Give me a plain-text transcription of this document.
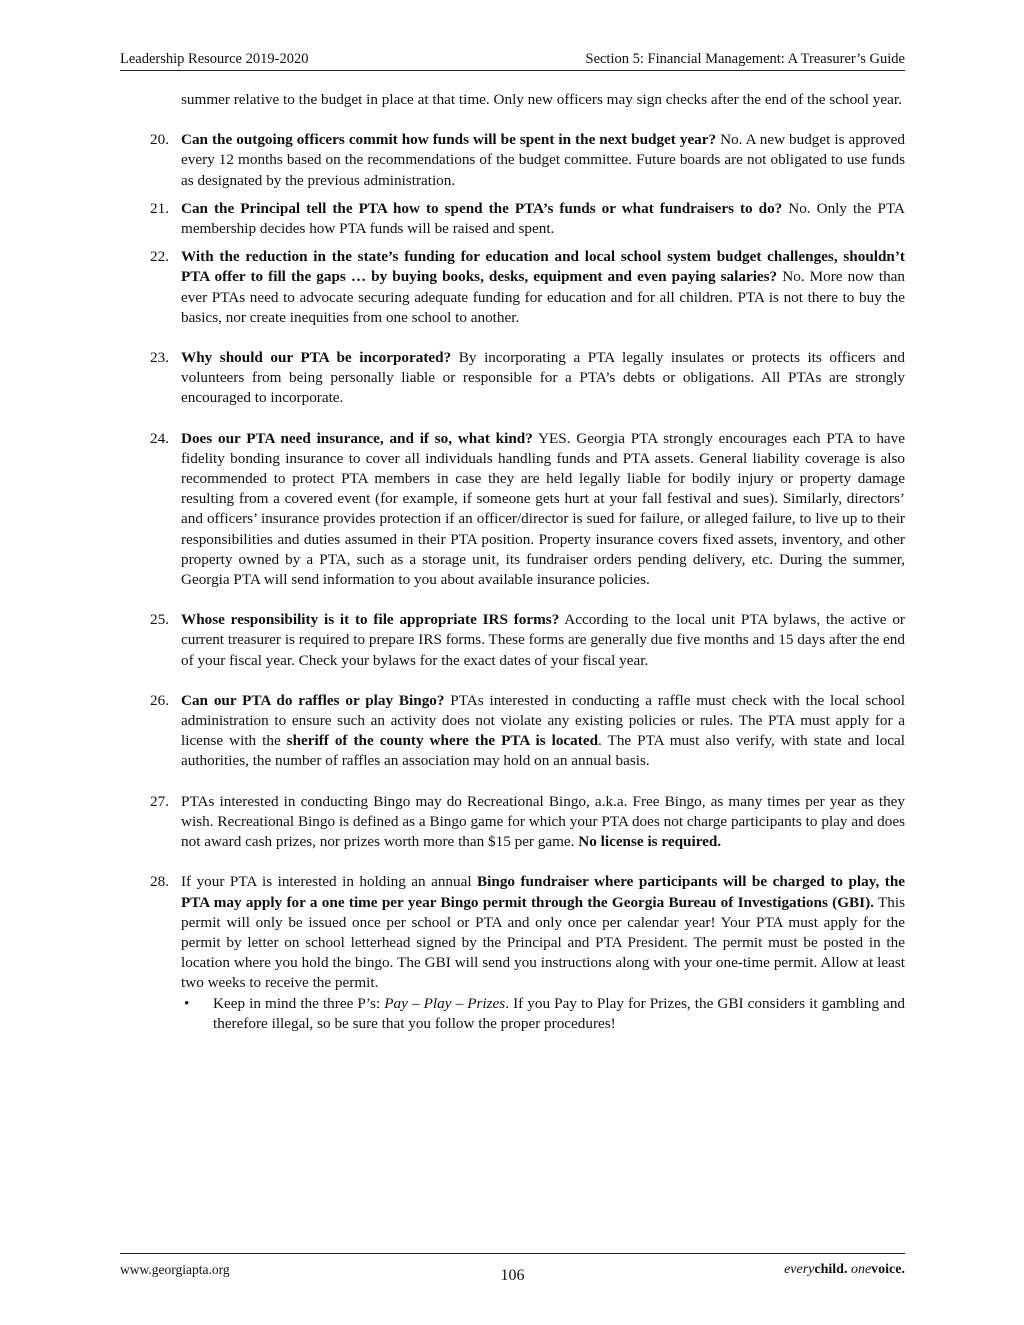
Leadership Resource 2019-2020	Section 5: Financial Management: A Treasurer’s Guide

summer relative to the budget in place at that time. Only new officers may sign checks after the end of the school year.

20. Can the outgoing officers commit how funds will be spent in the next budget year? No. A new budget is approved every 12 months based on the recommendations of the budget committee. Future boards are not obligated to use funds as designated by the previous administration.

21. Can the Principal tell the PTA how to spend the PTA’s funds or what fundraisers to do? No. Only the PTA membership decides how PTA funds will be raised and spent.

22. With the reduction in the state’s funding for education and local school system budget challenges, shouldn’t PTA offer to fill the gaps … by buying books, desks, equipment and even paying salaries? No. More now than ever PTAs need to advocate securing adequate funding for education and for all children. PTA is not there to buy the basics, nor create inequities from one school to another.

23. Why should our PTA be incorporated? By incorporating a PTA legally insulates or protects its officers and volunteers from being personally liable or responsible for a PTA’s debts or obligations. All PTAs are strongly encouraged to incorporate.

24. Does our PTA need insurance, and if so, what kind? YES. Georgia PTA strongly encourages each PTA to have fidelity bonding insurance to cover all individuals handling funds and PTA assets. General liability coverage is also recommended to protect PTA members in case they are held legally liable for bodily injury or property damage resulting from a covered event (for example, if someone gets hurt at your fall festival and sues). Similarly, directors’ and officers’ insurance provides protection if an officer/director is sued for failure, or alleged failure, to live up to their responsibilities and duties assumed in their PTA position. Property insurance covers fixed assets, inventory, and other property owned by a PTA, such as a storage unit, its fundraiser orders pending delivery, etc. During the summer, Georgia PTA will send information to you about available insurance policies.

25. Whose responsibility is it to file appropriate IRS forms? According to the local unit PTA bylaws, the active or current treasurer is required to prepare IRS forms. These forms are generally due five months and 15 days after the end of your fiscal year. Check your bylaws for the exact dates of your fiscal year.

26. Can our PTA do raffles or play Bingo? PTAs interested in conducting a raffle must check with the local school administration to ensure such an activity does not violate any existing policies or rules. The PTA must apply for a license with the sheriff of the county where the PTA is located. The PTA must also verify, with state and local authorities, the number of raffles an association may hold on an annual basis.

27. PTAs interested in conducting Bingo may do Recreational Bingo, a.k.a. Free Bingo, as many times per year as they wish. Recreational Bingo is defined as a Bingo game for which your PTA does not charge participants to play and does not award cash prizes, nor prizes worth more than $15 per game. No license is required.

28. If your PTA is interested in holding an annual Bingo fundraiser where participants will be charged to play, the PTA may apply for a one time per year Bingo permit through the Georgia Bureau of Investigations (GBI). This permit will only be issued once per school or PTA and only once per calendar year! Your PTA must apply for the permit by letter on school letterhead signed by the Principal and PTA President. The permit must be posted in the location where you hold the bingo. The GBI will send you instructions along with your one-time permit. Allow at least two weeks to receive the permit.

• Keep in mind the three P’s: Pay – Play – Prizes. If you Pay to Play for Prizes, the GBI considers it gambling and therefore illegal, so be sure that you follow the proper procedures!
www.georgiapta.org	106	everychild. onevoice.
